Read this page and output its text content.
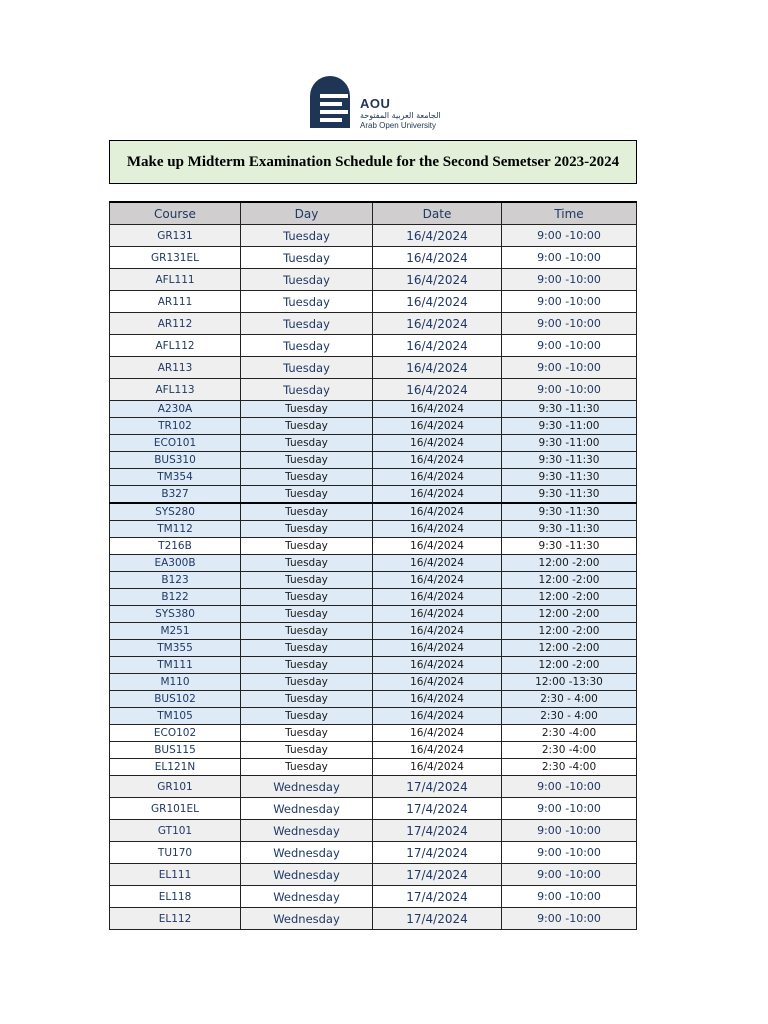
AOU
الجامعة العربية المفتوحة
Arab Open University
Make up Midterm Examination Schedule for the Second Semetser 2023-2024
Course	Day	Date	Time
GR131	Tuesday	16/4/2024	9:00 -10:00
GR131EL	Tuesday	16/4/2024	9:00 -10:00
AFL111	Tuesday	16/4/2024	9:00 -10:00
AR111	Tuesday	16/4/2024	9:00 -10:00
AR112	Tuesday	16/4/2024	9:00 -10:00
AFL112	Tuesday	16/4/2024	9:00 -10:00
AR113	Tuesday	16/4/2024	9:00 -10:00
AFL113	Tuesday	16/4/2024	9:00 -10:00
A230A	Tuesday	16/4/2024	9:30 -11:30
TR102	Tuesday	16/4/2024	9:30 -11:00
ECO101	Tuesday	16/4/2024	9:30 -11:00
BUS310	Tuesday	16/4/2024	9:30 -11:30
TM354	Tuesday	16/4/2024	9:30 -11:30
B327	Tuesday	16/4/2024	9:30 -11:30
SYS280	Tuesday	16/4/2024	9:30 -11:30
TM112	Tuesday	16/4/2024	9:30 -11:30
T216B	Tuesday	16/4/2024	9:30 -11:30
EA300B	Tuesday	16/4/2024	12:00 -2:00
B123	Tuesday	16/4/2024	12:00 -2:00
B122	Tuesday	16/4/2024	12:00 -2:00
SYS380	Tuesday	16/4/2024	12:00 -2:00
M251	Tuesday	16/4/2024	12:00 -2:00
TM355	Tuesday	16/4/2024	12:00 -2:00
TM111	Tuesday	16/4/2024	12:00 -2:00
M110	Tuesday	16/4/2024	12:00 -13:30
BUS102	Tuesday	16/4/2024	2:30 - 4:00
TM105	Tuesday	16/4/2024	2:30 - 4:00
ECO102	Tuesday	16/4/2024	2:30 -4:00
BUS115	Tuesday	16/4/2024	2:30 -4:00
EL121N	Tuesday	16/4/2024	2:30 -4:00
GR101	Wednesday	17/4/2024	9:00 -10:00
GR101EL	Wednesday	17/4/2024	9:00 -10:00
GT101	Wednesday	17/4/2024	9:00 -10:00
TU170	Wednesday	17/4/2024	9:00 -10:00
EL111	Wednesday	17/4/2024	9:00 -10:00
EL118	Wednesday	17/4/2024	9:00 -10:00
EL112	Wednesday	17/4/2024	9:00 -10:00
